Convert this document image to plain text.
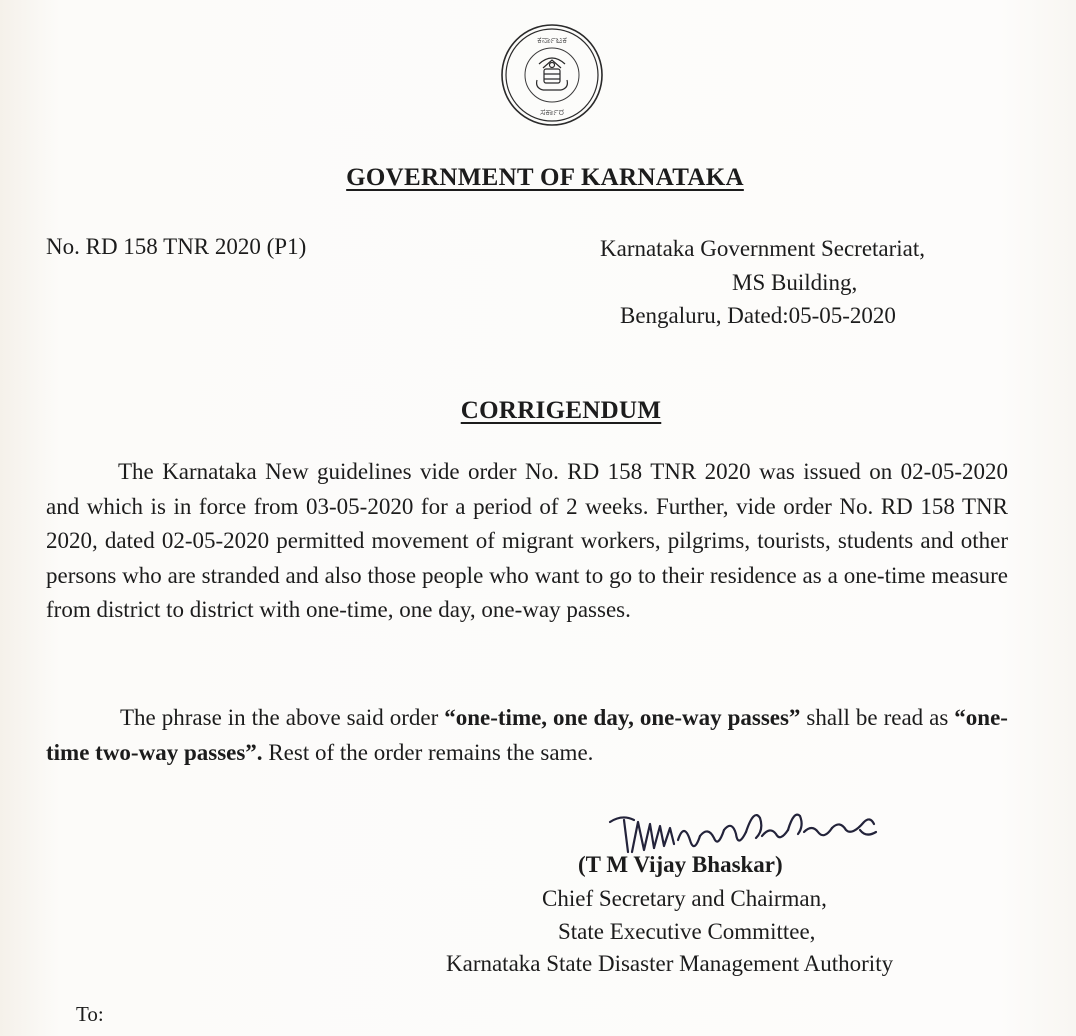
ಕರ್ನಾಟಕ
ಸರ್ಕಾರ
GOVERNMENT OF KARNATAKA
No. RD 158 TNR 2020 (P1)	Karnataka Government Secretariat,
MS Building,
Bengaluru, Dated:05-05-2020
CORRIGENDUM
The Karnataka New guidelines vide order No. RD 158 TNR 2020 was issued on 02-05-2020 and which is in force from 03-05-2020 for a period of 2 weeks. Further, vide order No. RD 158 TNR 2020, dated 02-05-2020 permitted movement of migrant workers, pilgrims, tourists, students and other persons who are stranded and also those people who want to go to their residence as a one-time measure from district to district with one-time, one day, one-way passes.
The phrase in the above said order “one-time, one day, one-way passes” shall be read as “one-time two-way passes”. Rest of the order remains the same.
(T M Vijay Bhaskar)
Chief Secretary and Chairman,
State Executive Committee,
Karnataka State Disaster Management Authority
To:
